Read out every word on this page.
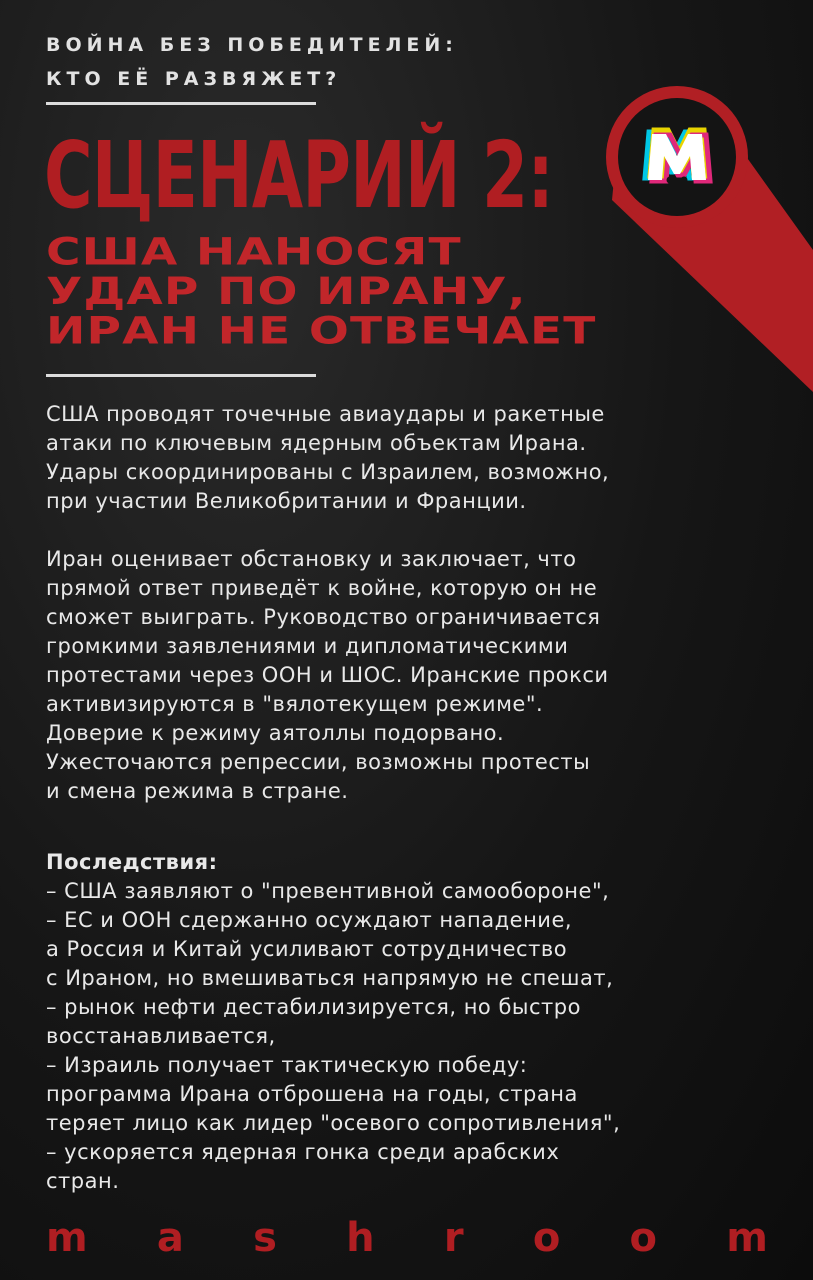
ВОЙНА БЕЗ ПОБЕДИТЕЛЕЙ:
КТО ЕЁ РАЗВЯЖЕТ?
СЦЕНАРИЙ 2:
США НАНОСЯТ
УДАР ПО ИРАНУ,
ИРАН НЕ ОТВЕЧАЕТ

США проводят точечные авиаудары и ракетные
атаки по ключевым ядерным объектам Ирана.
Удары скоординированы с Израилем, возможно,
при участии Великобритании и Франции.

Иран оценивает обстановку и заключает, что
прямой ответ приведёт к войне, которую он не
сможет выиграть. Руководство ограничивается
громкими заявлениями и дипломатическими
протестами через ООН и ШОС. Иранские прокси
активизируются в "вялотекущем режиме".
Доверие к режиму аятоллы подорвано.
Ужесточаются репрессии, возможны протесты
и смена режима в стране.

Последствия:

– США заявляют о "превентивной самообороне",
– ЕС и ООН сдержанно осуждают нападение,
а Россия и Китай усиливают сотрудничество
с Ираном, но вмешиваться напрямую не спешат,
– рынок нефти дестабилизируется, но быстро
восстанавливается,
– Израиль получает тактическую победу:
программа Ирана отброшена на годы, страна
теряет лицо как лидер "осевого сопротивления",
– ускоряется ядерная гонка среди арабских
стран.

m a s h r o o m
